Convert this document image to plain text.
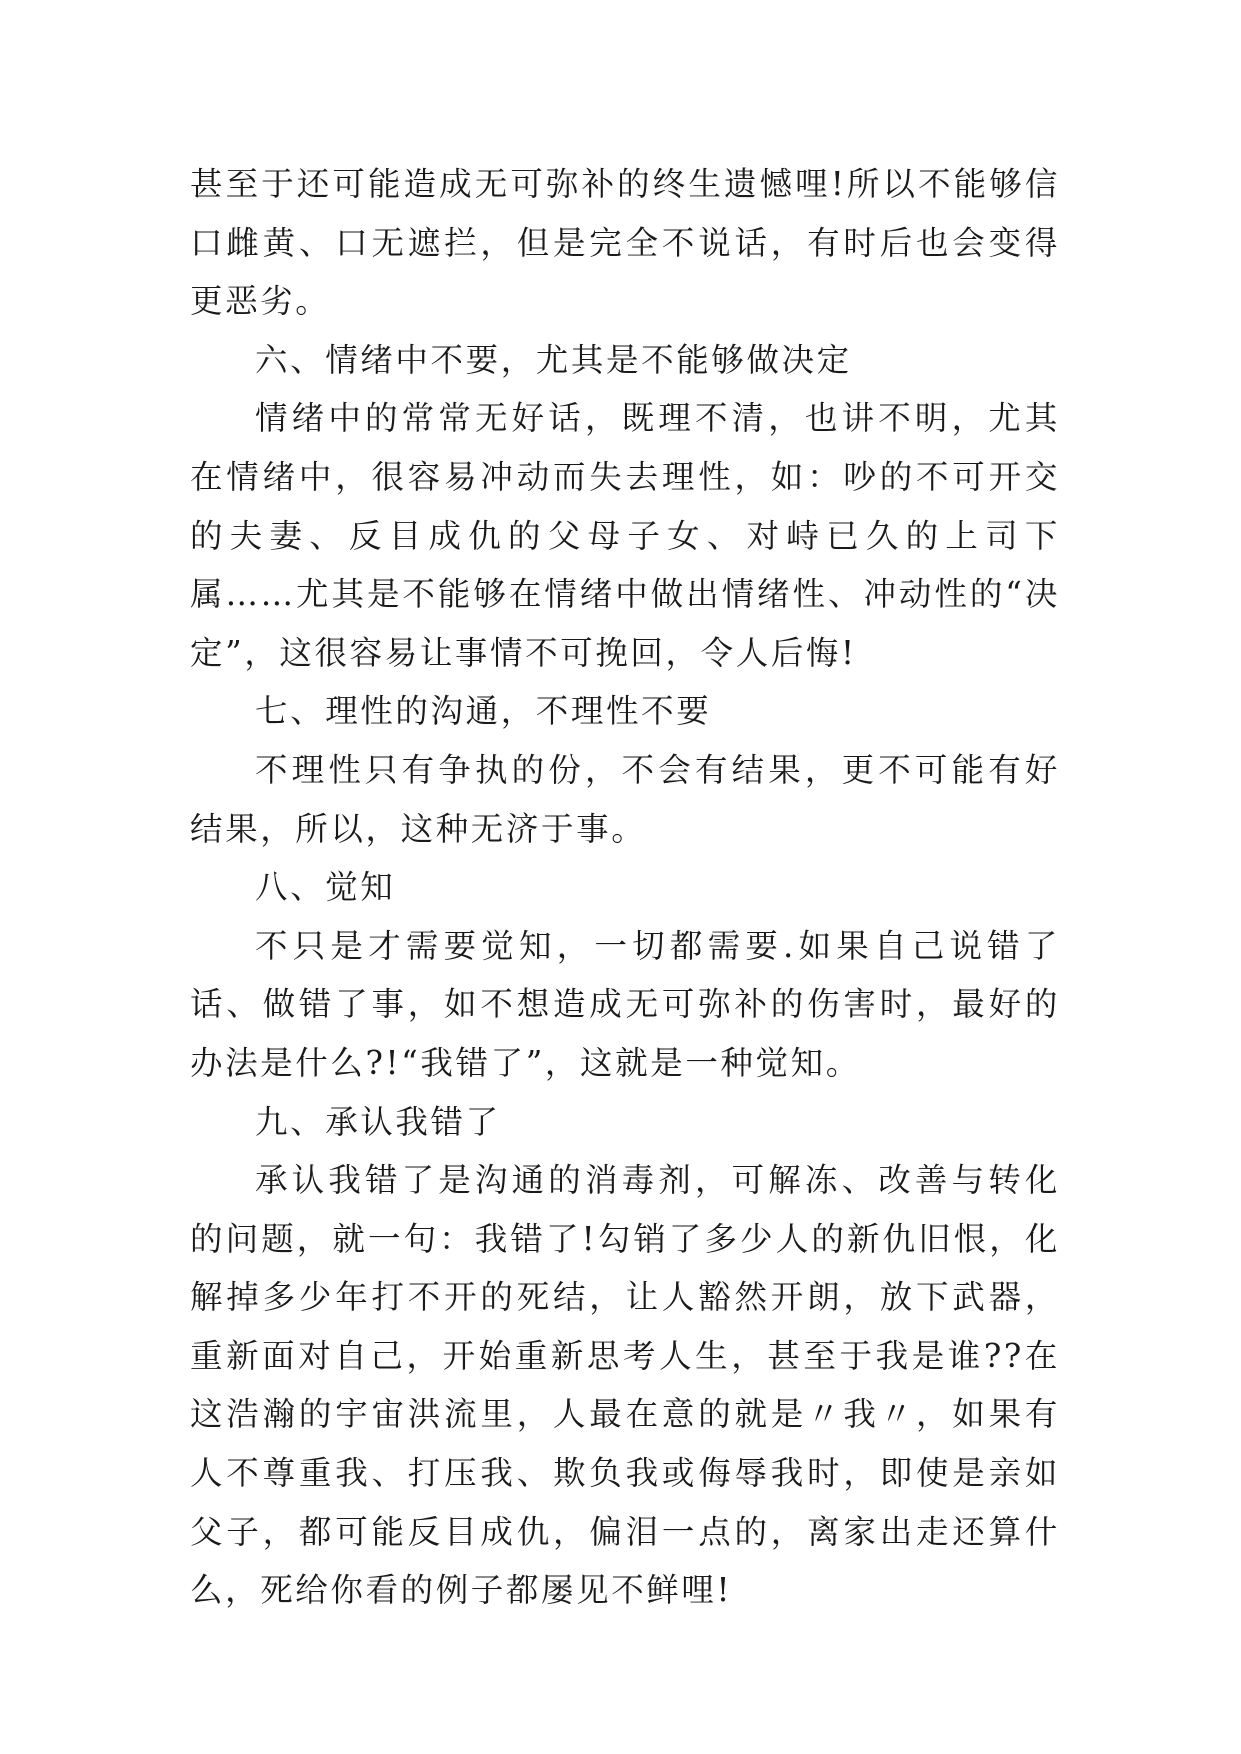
甚至于还可能造成无可弥补的终生遗憾哩!所以不能够信口雌黄、口无遮拦，但是完全不说话，有时后也会变得更恶劣。

六、情绪中不要，尤其是不能够做决定

情绪中的常常无好话，既理不清，也讲不明，尤其在情绪中，很容易冲动而失去理性，如：吵的不可开交的夫妻、反目成仇的父母子女、对峙已久的上司下属……尤其是不能够在情绪中做出情绪性、冲动性的“决定”，这很容易让事情不可挽回，令人后悔!

七、理性的沟通，不理性不要

不理性只有争执的份，不会有结果，更不可能有好结果，所以，这种无济于事。

八、觉知

不只是才需要觉知，一切都需要.如果自己说错了话、做错了事，如不想造成无可弥补的伤害时，最好的办法是什么?!“我错了”，这就是一种觉知。

九、承认我错了

承认我错了是沟通的消毒剂，可解冻、改善与转化的问题，就一句：我错了!勾销了多少人的新仇旧恨，化解掉多少年打不开的死结，让人豁然开朗，放下武器，重新面对自己，开始重新思考人生，甚至于我是谁??在这浩瀚的宇宙洪流里，人最在意的就是〃我〃，如果有人不尊重我、打压我、欺负我或侮辱我时，即使是亲如父子，都可能反目成仇，偏泪一点的，离家出走还算什么，死给你看的例子都屡见不鲜哩!
